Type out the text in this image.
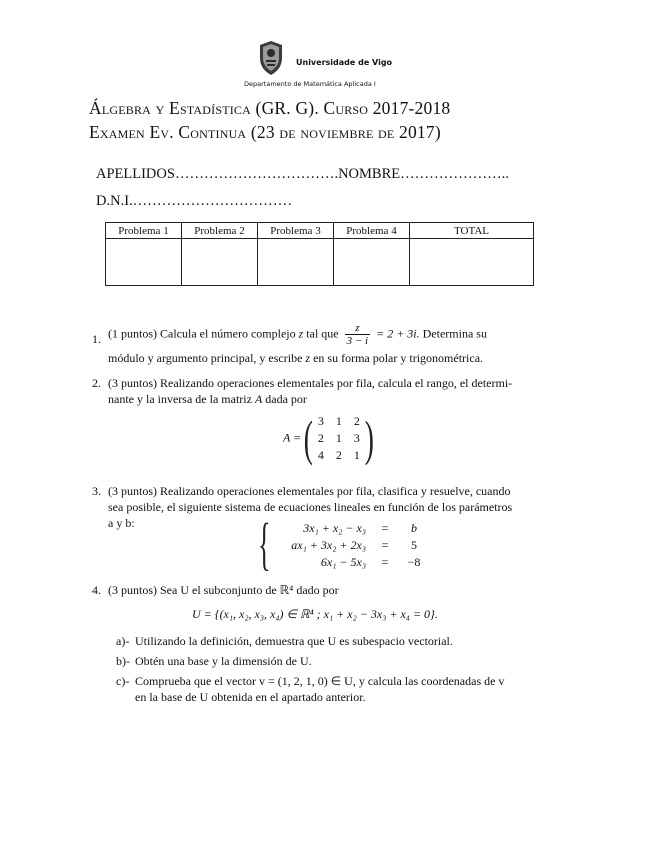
Universidade de Vigo
Departamento de Matemática Aplicada I
Álgebra y Estadística (GR. G). Curso 2017-2018
Examen Ev. Continua (23 de noviembre de 2017)
APELLIDOS…………………………….NOMBRE…………………..
D.N.I.……………………………
Problema 1	Problema 2	Problema 3	Problema 4	TOTAL

1. (1 puntos) Calcula el número complejo z tal que $\frac{z}{3 - i} = 2 + 3i$. Determina su
módulo y argumento principal, y escribe z en su forma polar y trigonométrica.
2. (3 puntos) Realizando operaciones elementales por fila, calcula el rango, el determi-
nante y la inversa de la matriz A dada por
A = ( 3	1	2
2	1	3
4	2	1 )
3. (3 puntos) Realizando operaciones elementales por fila, clasifica y resuelve, cuando
sea posible, el siguiente sistema de ecuaciones lineales en función de los parámetros
a y b:	{	3x₁ + x₂ − x₃	=	b
ax₁ + 3x₂ + 2x₃	=	5
6x₁ − 5x₃	=	−8
4. (3 puntos) Sea U el subconjunto de ℝ⁴ dado por
U = {(x₁, x₂, x₃, x₄) ∈ ℝ⁴ ; x₁ + x₂ − 3x₃ + x₄ = 0}.
a)- Utilizando la definición, demuestra que U es subespacio vectorial.
b)- Obtén una base y la dimensión de U.
c)- Comprueba que el vector v = (1, 2, 1, 0) ∈ U, y calcula las coordenadas de v
en la base de U obtenida en el apartado anterior.
